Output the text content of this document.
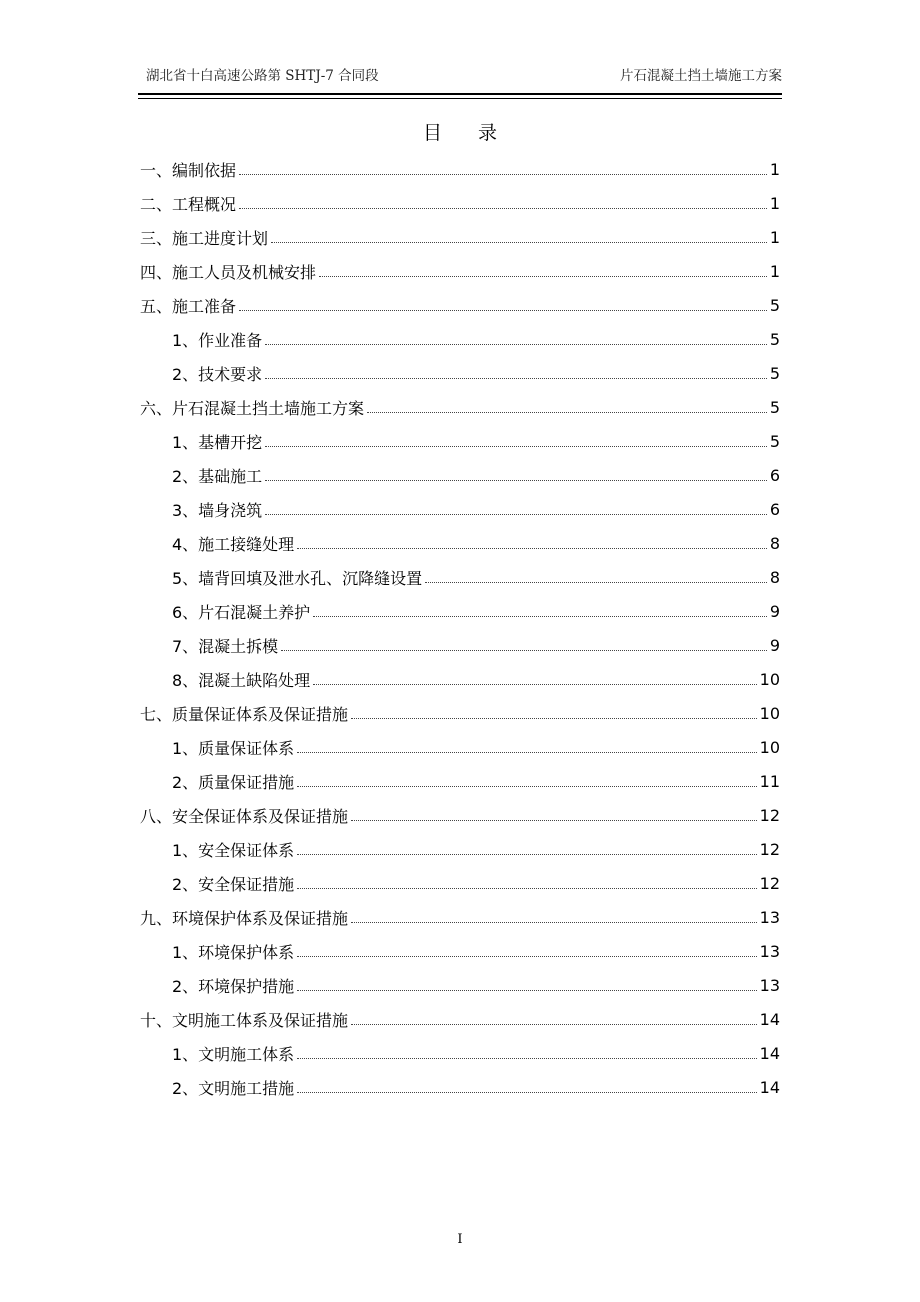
湖北省十白高速公路第 SHTJ-7 合同段	片石混凝土挡土墙施工方案
目录
一、编制依据	1
二、工程概况	1
三、施工进度计划	1
四、施工人员及机械安排	1
五、施工准备	5
1、作业准备	5
2、技术要求	5
六、片石混凝土挡土墙施工方案	5
1、基槽开挖	5
2、基础施工	6
3、墙身浇筑	6
4、施工接缝处理	8
5、墙背回填及泄水孔、沉降缝设置	8
6、片石混凝土养护	9
7、混凝土拆模	9
8、混凝土缺陷处理	10
七、质量保证体系及保证措施	10
1、质量保证体系	10
2、质量保证措施	11
八、安全保证体系及保证措施	12
1、安全保证体系	12
2、安全保证措施	12
九、环境保护体系及保证措施	13
1、环境保护体系	13
2、环境保护措施	13
十、文明施工体系及保证措施	14
1、文明施工体系	14
2、文明施工措施	14
I
